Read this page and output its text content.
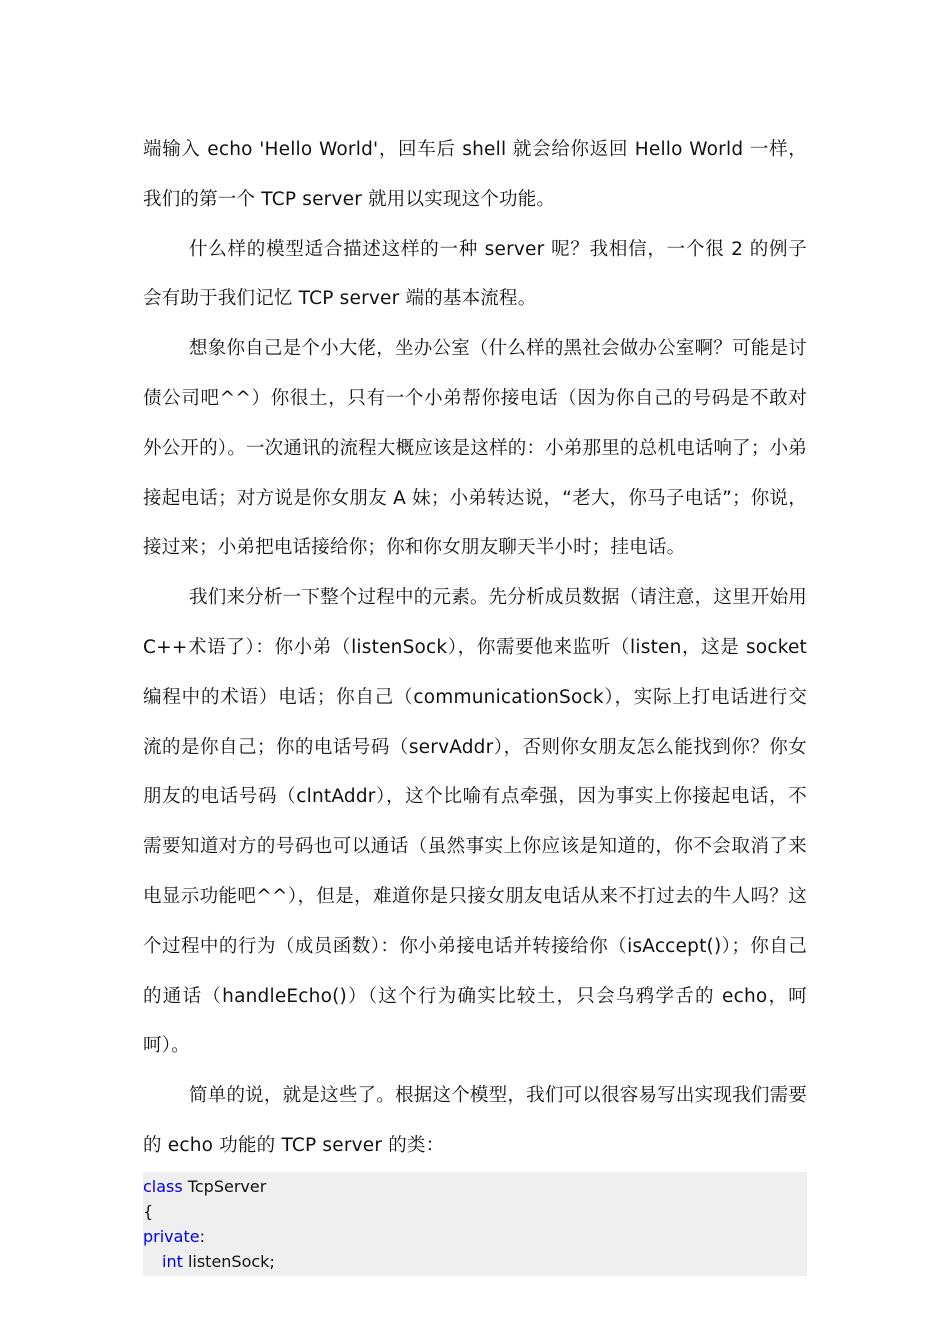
端输入 echo 'Hello World'，回车后 shell 就会给你返回 Hello World 一样，我们的第一个 TCP server 就用以实现这个功能。

什么样的模型适合描述这样的一种 server 呢？我相信，一个很 2 的例子会有助于我们记忆 TCP server 端的基本流程。

想象你自己是个小大佬，坐办公室（什么样的黑社会做办公室啊？可能是讨债公司吧^^）你很土，只有一个小弟帮你接电话（因为你自己的号码是不敢对外公开的）。一次通讯的流程大概应该是这样的：小弟那里的总机电话响了；小弟接起电话；对方说是你女朋友 A 妹；小弟转达说，“老大，你马子电话”；你说，接过来；小弟把电话接给你；你和你女朋友聊天半小时；挂电话。

我们来分析一下整个过程中的元素。先分析成员数据（请注意，这里开始用 C++术语了）：你小弟（listenSock），你需要他来监听（listen，这是 socket 编程中的术语）电话；你自己（communicationSock），实际上打电话进行交流的是你自己；你的电话号码（servAddr），否则你女朋友怎么能找到你？你女朋友的电话号码（clntAddr），这个比喻有点牵强，因为事实上你接起电话，不需要知道对方的号码也可以通话（虽然事实上你应该是知道的，你不会取消了来电显示功能吧^^），但是，难道你是只接女朋友电话从来不打过去的牛人吗？这个过程中的行为（成员函数）：你小弟接电话并转接给你（isAccept()）；你自己的通话（handleEcho()）（这个行为确实比较土，只会乌鸦学舌的 echo，呵呵）。

简单的说，就是这些了。根据这个模型，我们可以很容易写出实现我们需要的 echo 功能的 TCP server 的类：

class TcpServer
{
private:
int listenSock;
